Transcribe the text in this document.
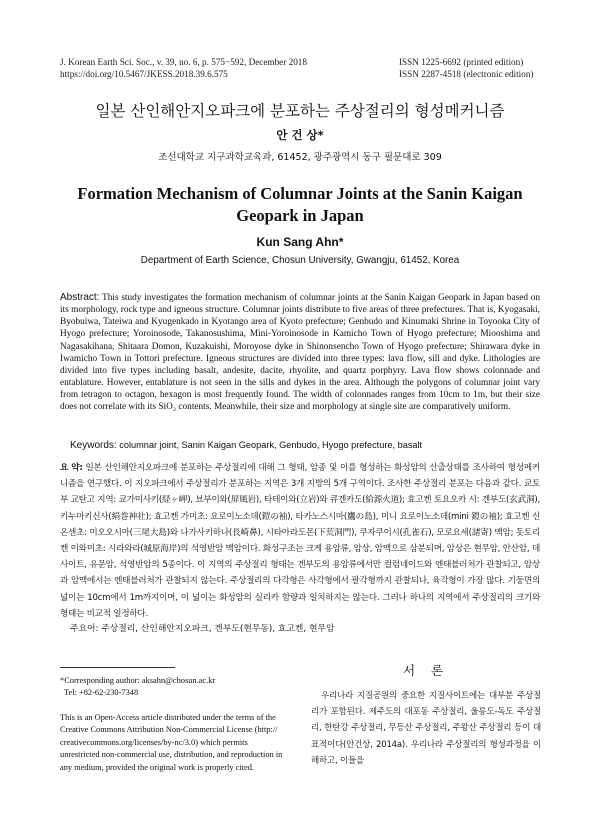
J. Korean Earth Sci. Soc., v. 39, no. 6, p. 575−592, December 2018
https://doi.org/10.5467/JKESS.2018.39.6.575
ISSN 1225-6692 (printed edition)
ISSN 2287-4518 (electronic edition)
일본 산인해안지오파크에 분포하는 주상절리의 형성메커니즘
안 건 상*
조선대학교 지구과학교육과, 61452, 광주광역시 동구 필문대로 309
Formation Mechanism of Columnar Joints at the Sanin Kaigan Geopark in Japan
Kun Sang Ahn*
Department of Earth Science, Chosun University, Gwangju, 61452, Korea
Abstract: This study investigates the formation mechanism of columnar joints at the Sanin Kaigan Geopark in Japan based on its morphology, rock type and igneous structure. Columnar joints distribute to five areas of three prefectures. That is, Kyogasaki, Byobuiwa, Tateiwa and Kyugenkado in Kyotango area of Kyoto prefecture; Genbudo and Kinumaki Shrine in Toyooka City of Hyogo prefecture; Yoroinosode, Takanosushima, Mini-Yoroinosode in Kamicho Town of Hyogo prefecture; Miooshima and Nagasakihana, Shitaara Domon, Kuzakuishi, Moroyose dyke in Shinonsencho Town of Hyogo prefecture; Shirawara dyke in Iwamicho Town in Tottori prefecture. Igneous structures are divided into three types: lava flow, sill and dyke. Lithologies are divided into five types including basalt, andesite, dacite, rhyolite, and quartz porphyry. Lava flow shows colonnade and entablature. However, entablature is not seen in the sills and dykes in the area. Although the polygons of columnar joint vary from tetragon to octagon, hexagon is most frequently found. The width of colonnades ranges from 10cm to 1m, but their size does not correlate with its SiO₂ contents. Meanwhile, their size and morphology at single site are comparatively uniform.
Keywords: columnar joint, Sanin Kaigan Geopark, Genbudo, Hyogo prefecture, basalt
요 약: 일본 산인해안지오파크에 분포하는 주상절리에 대해 그 형태, 암종 및 이를 형성하는 화성암의 산출상태를 조사하여 형성메커니즘을 연구했다. 이 지오파크에서 주상절리가 분포하는 지역은 3개 지방의 5개 구역이다. 조사한 주상절리 분포는 다음과 같다. 쿄토부 교탄고 지역: 쿄가미사키(経ヶ岬), 뵤부이와(屏風岩), 타테이와(立岩)와 큐겐카도(給源火道); 효고켄 토요오카 시: 겐부도(玄武洞), 키누마키신사(絹巻神社); 효고켄 가미초: 요로이노소데(鎧の袖), 타카노스시마(鷹の島), 미니 요로이노소데(mini 鎧の袖); 효고켄 신온센초: 미오오시마(三尾大島)와 나가사키하나(長崎鼻), 시타아라도몬(下荒洞門), 쿠자쿠이시(孔雀石), 모로요세(諸寄) 맥암; 돗토리켄 이와미초: 시라와라(城原海岸)의 석영반암 맥암이다. 화성구조는 크게 용암류, 암상, 암맥으로 삼분되며, 암상은 현무암, 안산암, 데사이트, 유문암, 석영반암의 5종이다. 이 지역의 주상절리 형태는 겐부도의 용암류에서만 컬럼네이드와 엔태블러처가 관찰되고, 암상과 암맥에서는 엔태블러처가 관찰되지 않는다. 주상절리의 다각형은 사각형에서 팔각형까지 관찰되나, 육각형이 가장 많다. 기둥면의 넓이는 10cm에서 1m까지이며, 이 넓이는 화성암의 실리카 함량과 일치하지는 않는다. 그러나 하나의 지역에서 주상절리의 크기와 형태는 비교적 일정하다.
주요어: 주상절리, 산인해안지오파크, 겐부도(현무동), 효고켄, 현무암
*Corresponding author: aksahn@chosun.ac.kr
Tel: +82-62-230-7348
This is an Open-Access article distributed under the terms of the Creative Commons Attribution Non-Commercial License (http:// creativecommons.org/licenses/by-nc/3.0) which permits unrestricted non-commercial use, distribution, and reproduction in any medium, provided the original work is properly cited.
서 론
우리나라 지질공원의 중요한 지질사이트에는 대부분 주상절리가 포함된다. 제주도의 대포동 주상절리, 울릉도-독도 주상절리, 한탄강 주상절리, 무등산 주상절리, 주왕산 주상절리 등이 대표적이다(안건상, 2014a). 우리나라 주상절리의 형성과정을 이해하고, 이들을
